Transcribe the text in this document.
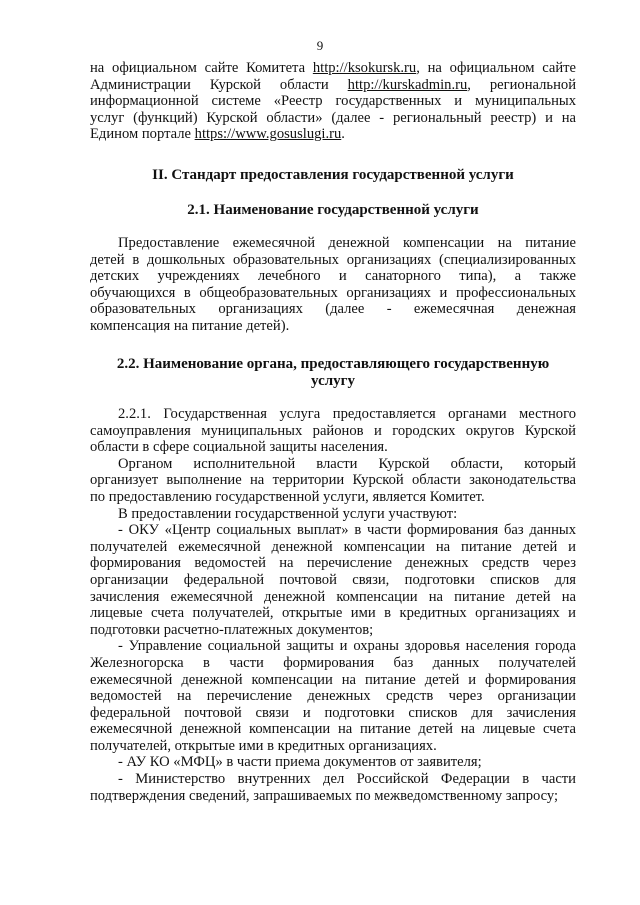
9

на официальном сайте Комитета http://ksokursk.ru, на официальном сайте

Администрации Курской области http://kurskadmin.ru, региональной

информационной системе «Реестр государственных и муниципальных

услуг (функций) Курской области» (далее - региональный реестр) и на

Едином портале https://www.gosuslugi.ru.

II. Стандарт предоставления государственной услуги
2.1. Наименование государственной услуги

Предоставление ежемесячной денежной компенсации на питание

детей в дошкольных образовательных организациях (специализированных

детских учреждениях лечебного и санаторного типа), а также

обучающихся в общеобразовательных организациях и профессиональных

образовательных организациях (далее - ежемесячная денежная

компенсация на питание детей).

2.2. Наименование органа, предоставляющего государственную
услугу

2.2.1. Государственная услуга предоставляется органами местного

самоуправления муниципальных районов и городских округов Курской

области в сфере социальной защиты населения.

Органом исполнительной власти Курской области, который

организует выполнение на территории Курской области законодательства

по предоставлению государственной услуги, является Комитет.

В предоставлении государственной услуги участвуют:

- ОКУ «Центр социальных выплат» в части формирования баз данных

получателей ежемесячной денежной компенсации на питание детей и

формирования ведомостей на перечисление денежных средств через

организации федеральной почтовой связи, подготовки списков для

зачисления ежемесячной денежной компенсации на питание детей на

лицевые счета получателей, открытые ими в кредитных организациях и

подготовки расчетно-платежных документов;

- Управление социальной защиты и охраны здоровья населения города

Железногорска в части формирования баз данных получателей

ежемесячной денежной компенсации на питание детей и формирования

ведомостей на перечисление денежных средств через организации

федеральной почтовой связи и подготовки списков для зачисления

ежемесячной денежной компенсации на питание детей на лицевые счета

получателей, открытые ими в кредитных организациях.

- АУ КО «МФЦ» в части приема документов от заявителя;

- Министерство внутренних дел Российской Федерации в части

подтверждения сведений, запрашиваемых по межведомственному запросу;
